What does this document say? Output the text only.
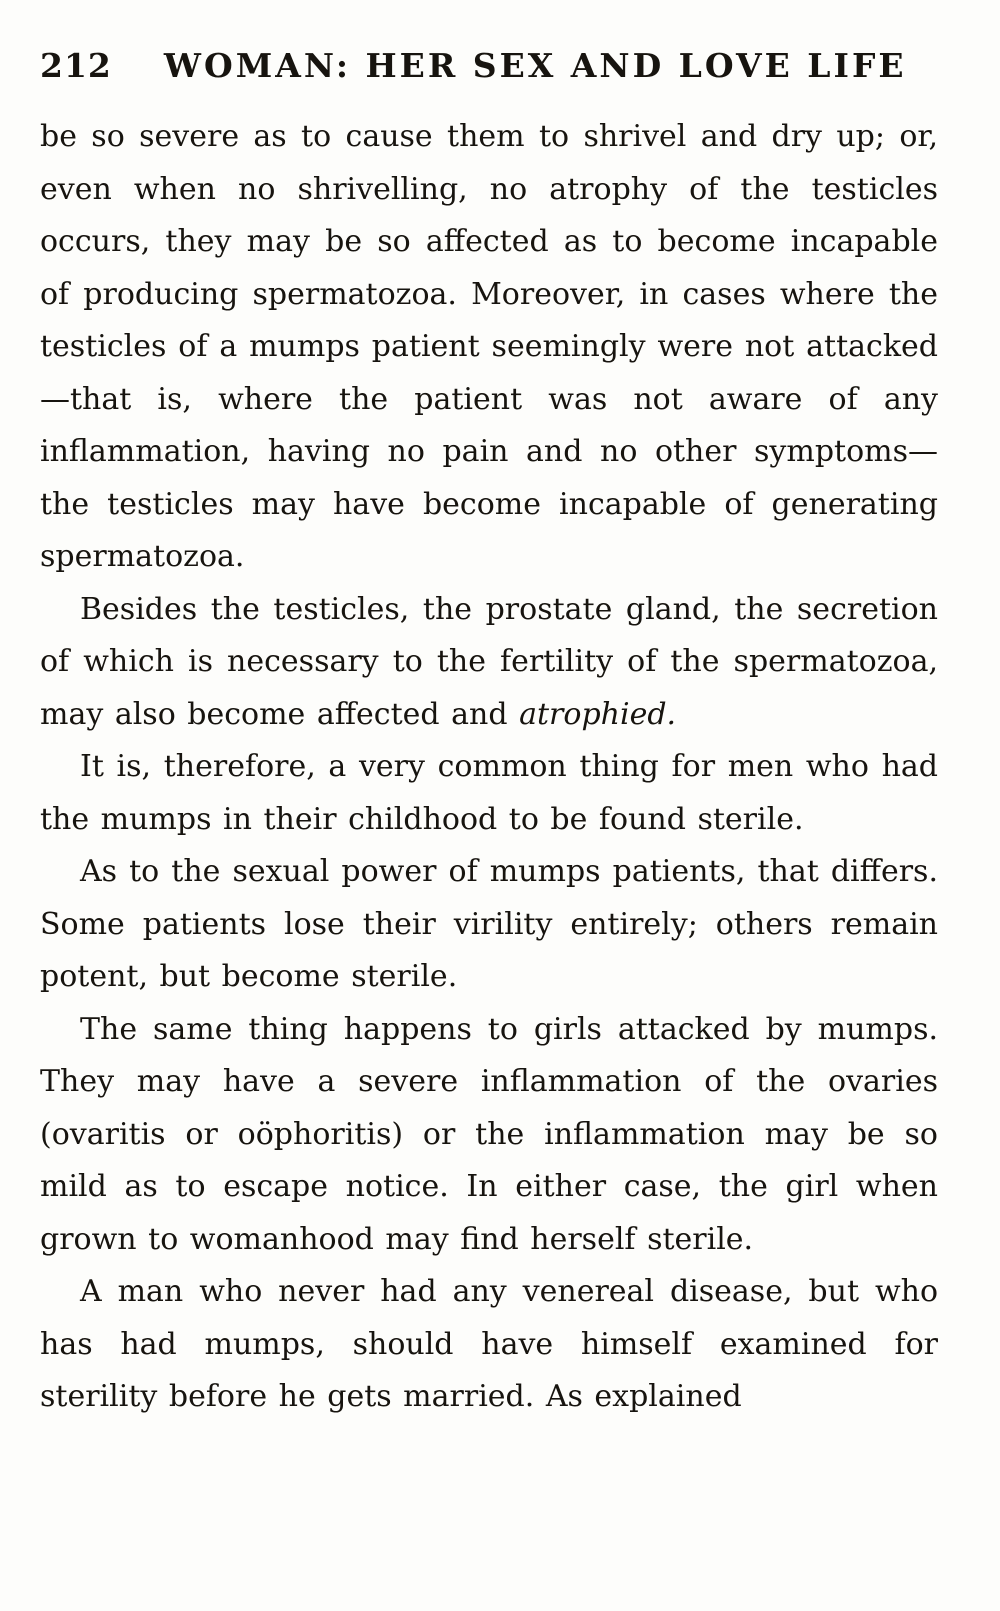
212 WOMAN: HER SEX AND LOVE LIFE

be so severe as to cause them to shrivel and dry up; or, even when no shrivelling, no atrophy of the testicles occurs, they may be so affected as to become incapable of producing spermatozoa. Moreover, in cases where the testicles of a mumps patient seemingly were not attacked—that is, where the patient was not aware of any inflammation, having no pain and no other symptoms—the testicles may have become incapable of generating spermatozoa.

Besides the testicles, the prostate gland, the secretion of which is necessary to the fertility of the spermatozoa, may also become affected and atrophied.

It is, therefore, a very common thing for men who had the mumps in their childhood to be found sterile.

As to the sexual power of mumps patients, that differs. Some patients lose their virility entirely; others remain potent, but become sterile.

The same thing happens to girls attacked by mumps. They may have a severe inflammation of the ovaries (ovaritis or oöphoritis) or the inflammation may be so mild as to escape notice. In either case, the girl when grown to womanhood may find herself sterile.

A man who never had any venereal disease, but who has had mumps, should have himself examined for sterility before he gets married. As explained
